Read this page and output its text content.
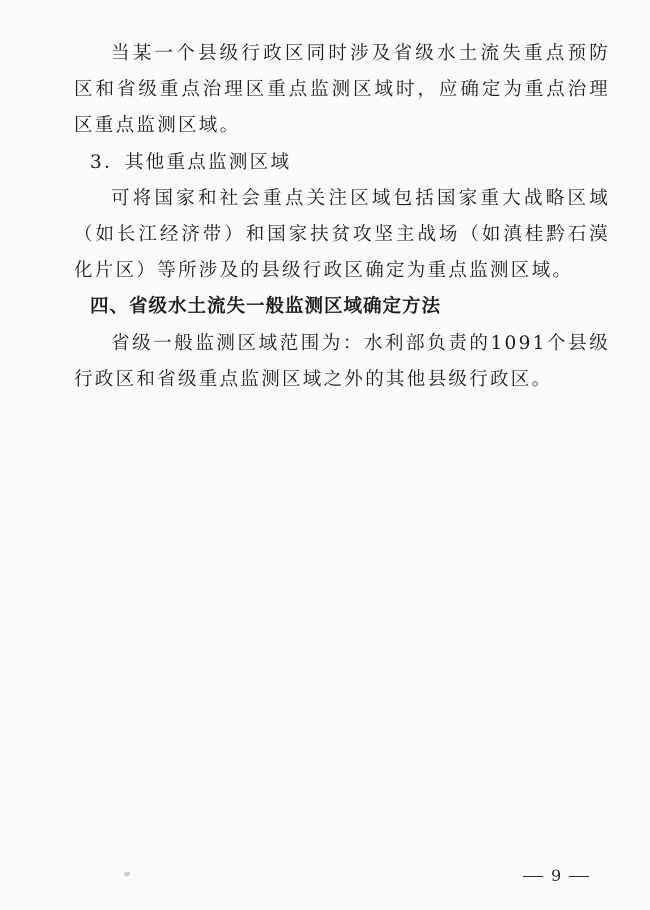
当某一个县级行政区同时涉及省级水土流失重点预防区和省级重点治理区重点监测区域时，应确定为重点治理区重点监测区域。

3．其他重点监测区域

可将国家和社会重点关注区域包括国家重大战略区域（如长江经济带）和国家扶贫攻坚主战场（如滇桂黔石漠化片区）等所涉及的县级行政区确定为重点监测区域。

四、省级水土流失一般监测区域确定方法

省级一般监测区域范围为：水利部负责的1091个县级行政区和省级重点监测区域之外的其他县级行政区。

9
